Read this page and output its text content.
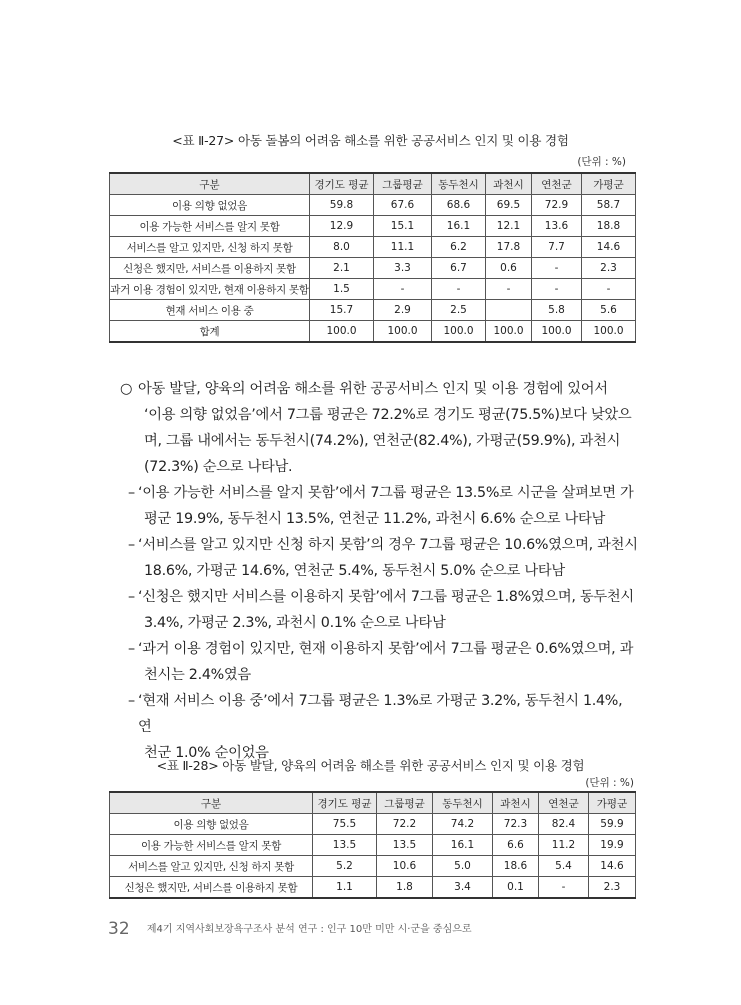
<표 Ⅱ-27> 아동 돌봄의 어려움 해소를 위한 공공서비스 인지 및 이용 경험
(단위 : %)
구분	경기도 평균	그룹평균	동두천시	과천시	연천군	가평군
이용 의향 없었음	59.8	67.6	68.6	69.5	72.9	58.7
이용 가능한 서비스를 알지 못함	12.9	15.1	16.1	12.1	13.6	18.8
서비스를 알고 있지만, 신청 하지 못함	8.0	11.1	6.2	17.8	7.7	14.6
신청은 했지만, 서비스를 이용하지 못함	2.1	3.3	6.7	0.6	-	2.3
과거 이용 경험이 있지만, 현재 이용하지 못함	1.5	-	-	-	-	-
현재 서비스 이용 중	15.7	2.9	2.5		5.8	5.6
합계	100.0	100.0	100.0	100.0	100.0	100.0
○ 아동 발달, 양육의 어려움 해소를 위한 공공서비스 인지 및 이용 경험에 있어서
‘이용 의향 없었음’에서 7그룹 평균은 72.2%로 경기도 평균(75.5%)보다 낮았으
며, 그룹 내에서는 동두천시(74.2%), 연천군(82.4%), 가평군(59.9%), 과천시
(72.3%) 순으로 나타남.
– ‘이용 가능한 서비스를 알지 못함’에서 7그룹 평균은 13.5%로 시군을 살펴보면 가
평군 19.9%, 동두천시 13.5%, 연천군 11.2%, 과천시 6.6% 순으로 나타남
– ‘서비스를 알고 있지만 신청 하지 못함’의 경우 7그룹 평균은 10.6%였으며, 과천시
18.6%, 가평군 14.6%, 연천군 5.4%, 동두천시 5.0% 순으로 나타남
– ‘신청은 했지만 서비스를 이용하지 못함’에서 7그룹 평균은 1.8%였으며, 동두천시
3.4%, 가평군 2.3%, 과천시 0.1% 순으로 나타남
– ‘과거 이용 경험이 있지만, 현재 이용하지 못함’에서 7그룹 평균은 0.6%였으며, 과
천시는 2.4%였음
– ‘현재 서비스 이용 중’에서 7그룹 평균은 1.3%로 가평군 3.2%, 동두천시 1.4%, 연
천군 1.0% 순이었음
<표 Ⅱ-28> 아동 발달, 양육의 어려움 해소를 위한 공공서비스 인지 및 이용 경험
(단위 : %)
구분	경기도 평균	그룹평균	동두천시	과천시	연천군	가평군
이용 의향 없었음	75.5	72.2	74.2	72.3	82.4	59.9
이용 가능한 서비스를 알지 못함	13.5	13.5	16.1	6.6	11.2	19.9
서비스를 알고 있지만, 신청 하지 못함	5.2	10.6	5.0	18.6	5.4	14.6
신청은 했지만, 서비스를 이용하지 못함	1.1	1.8	3.4	0.1	-	2.3
32 제4기 지역사회보장욕구조사 분석 연구 : 인구 10만 미만 시·군을 중심으로
